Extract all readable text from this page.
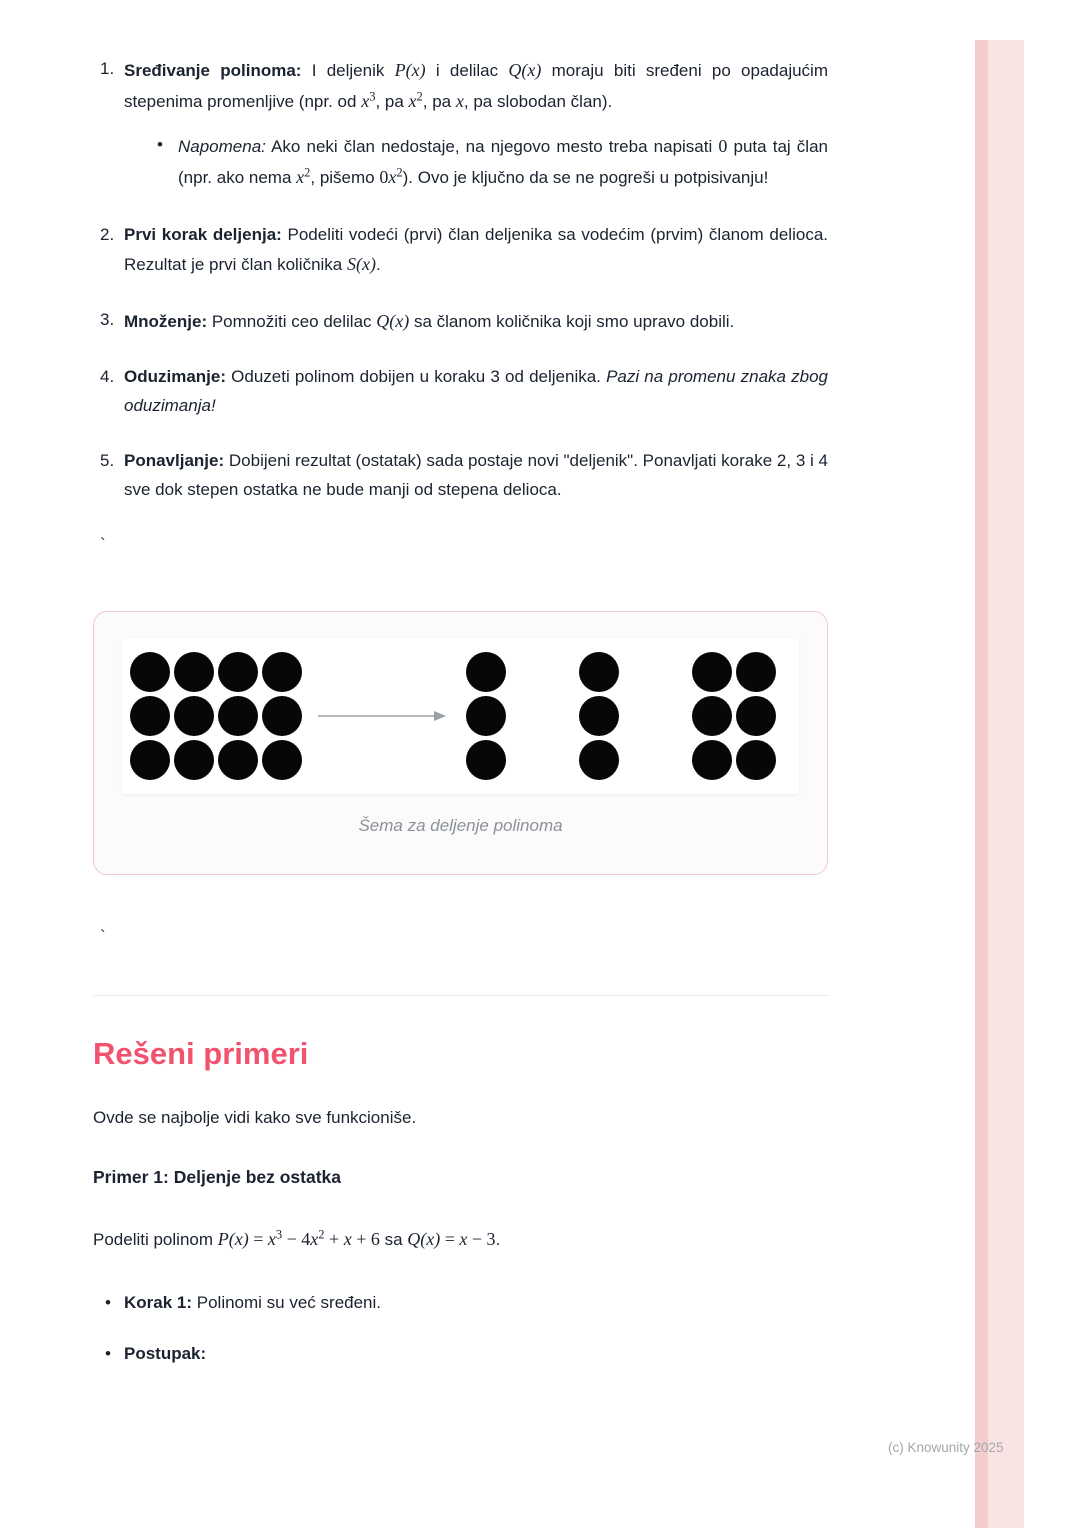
1. Sređivanje polinoma: I deljenik P(x) i delilac Q(x) moraju biti sređeni po opadajućim stepenima promenljive (npr. od $x^3$, pa $x^2$, pa x, pa slobodan član).
• Napomena: Ako neki član nedostaje, na njegovo mesto treba napisati 0 puta taj član (npr. ako nema $x^2$, pišemo $0x^2$). Ovo je ključno da se ne pogreši u potpisivanju!
2. Prvi korak deljenja: Podeliti vodeći (prvi) član deljenika sa vodećim (prvim) članom delioca. Rezultat je prvi član količnika S(x).
3. Množenje: Pomnožiti ceo delilac Q(x) sa članom količnika koji smo upravo dobili.
4. Oduzimanje: Oduzeti polinom dobijen u koraku 3 od deljenika. Pazi na promenu znaka zbog oduzimanja!
5. Ponavljanje: Dobijeni rezultat (ostatak) sada postaje novi "deljenik". Ponavljati korake 2, 3 i 4 sve dok stepen ostatka ne bude manji od stepena delioca.
`
Šema za deljenje polinoma
`
Rešeni primeri
Ovde se najbolje vidi kako sve funkcioniše.
Primer 1: Deljenje bez ostatka
Podeliti polinom $P(x) = x^3 - 4x^2 + x + 6$ sa Q(x) = x − 3.
• Korak 1: Polinomi su već sređeni.
• Postupak:
(c) Knowunity 2025
